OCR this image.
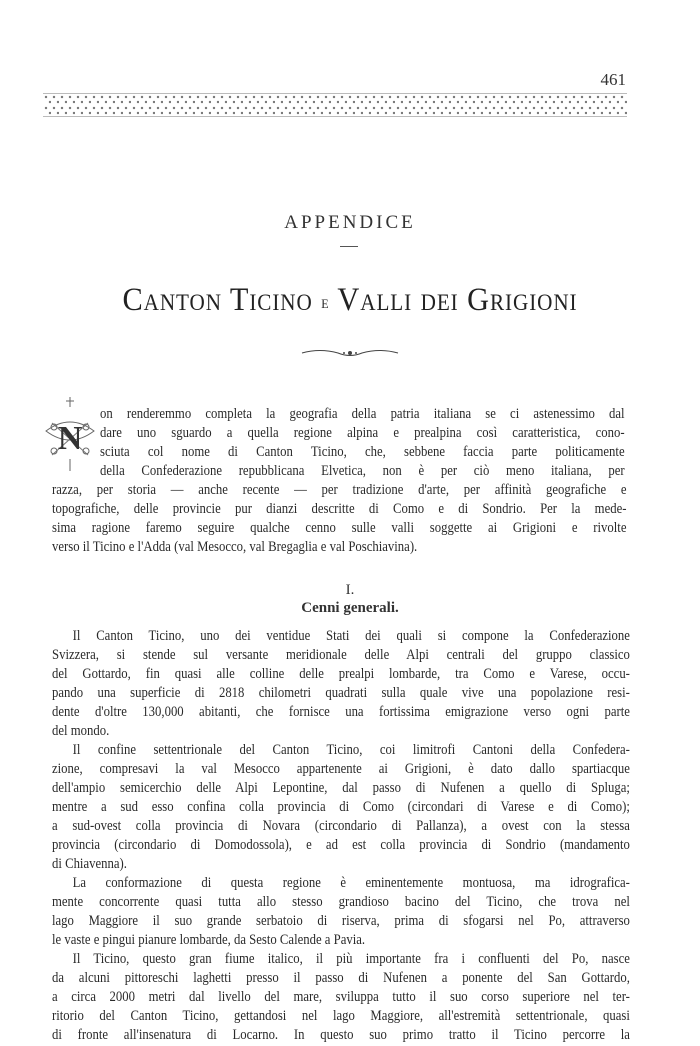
461
APPENDICE
Canton Ticino e Valli dei Grigioni
N
on renderemmo completa la geografia della patria italiana se ci astenessimo dal
dare uno sguardo a quella regione alpina e prealpina così caratteristica, cono-
sciuta col nome di Canton Ticino, che, sebbene faccia parte politicamente
della Confederazione repubblicana Elvetica, non è per ciò meno italiana, per
razza, per storia — anche recente — per tradizione d'arte, per affinità geografiche e
topografiche, delle provincie pur dianzi descritte di Como e di Sondrio. Per la mede-
sima ragione faremo seguire qualche cenno sulle valli soggette ai Grigioni e rivolte
verso il Ticino e l'Adda (val Mesocco, val Bregaglia e val Poschiavina).
I.
Cenni generali.
Il Canton Ticino, uno dei ventidue Stati dei quali si compone la Confederazione
Svizzera, si stende sul versante meridionale delle Alpi centrali del gruppo classico
del Gottardo, fin quasi alle colline delle prealpi lombarde, tra Como e Varese, occu-
pando una superficie di 2818 chilometri quadrati sulla quale vive una popolazione resi-
dente d'oltre 130,000 abitanti, che fornisce una fortissima emigrazione verso ogni parte
del mondo.
Il confine settentrionale del Canton Ticino, coi limitrofi Cantoni della Confedera-
zione, compresavi la val Mesocco appartenente ai Grigioni, è dato dallo spartiacque
dell'ampio semicerchio delle Alpi Lepontine, dal passo di Nufenen a quello di Spluga;
mentre a sud esso confina colla provincia di Como (circondari di Varese e di Como);
a sud-ovest colla provincia di Novara (circondario di Pallanza), a ovest con la stessa
provincia (circondario di Domodossola), e ad est colla provincia di Sondrio (mandamento
di Chiavenna).
La conformazione di questa regione è eminentemente montuosa, ma idrografica-
mente concorrente quasi tutta allo stesso grandioso bacino del Ticino, che trova nel
lago Maggiore il suo grande serbatoio di riserva, prima di sfogarsi nel Po, attraverso
le vaste e pingui pianure lombarde, da Sesto Calende a Pavia.
Il Ticino, questo gran fiume italico, il più importante fra i confluenti del Po, nasce
da alcuni pittoreschi laghetti presso il passo di Nufenen a ponente del San Gottardo,
a circa 2000 metri dal livello del mare, sviluppa tutto il suo corso superiore nel ter-
ritorio del Canton Ticino, gettandosi nel lago Maggiore, all'estremità settentrionale, quasi
di fronte all'insenatura di Locarno. In questo suo primo tratto il Ticino percorre la
